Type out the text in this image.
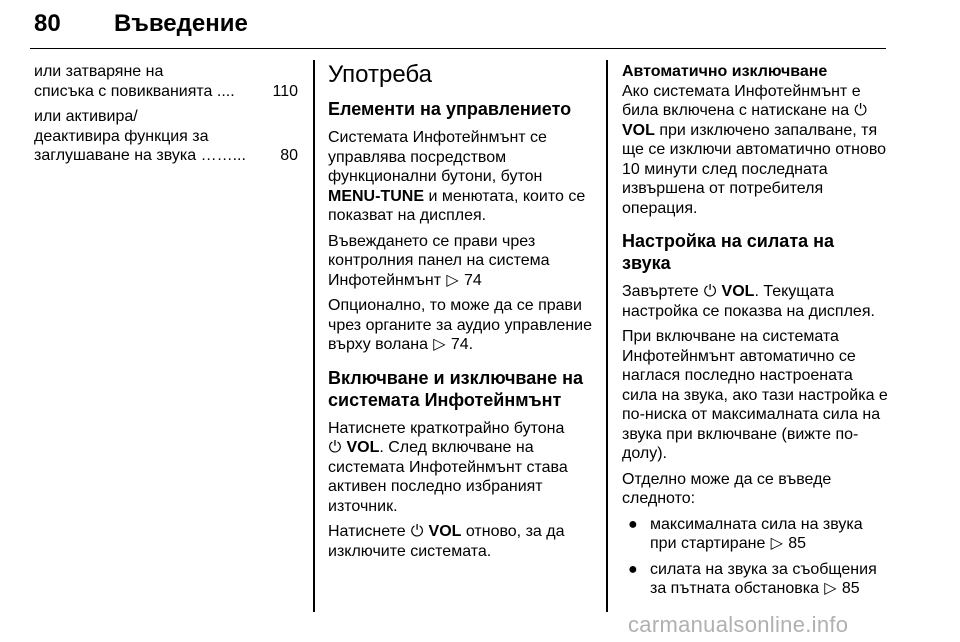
80 Въведение

или затваряне на
списъка с повикванията ....	110

или активира/
деактивира функция за
заглушаване на звука ……...	80

Употреба
Елементи на управлението

Системата Инфотейнмънт се
управлява посредством
функционални бутони, бутон
MENU-TUNE и менютата, които се
показват на дисплея.

Въвеждането се прави чрез
контролния панел на система
Инфотейнмънт ▷ 74

Опционално, то може да се прави
чрез органите за аудио управление
върху волана ▷ 74.

Включване и изключване на
системата Инфотейнмънт

Натиснете краткотрайно бутона
⏻ VOL. След включване на
системата Инфотейнмънт става
активен последно избраният
източник.

Натиснете ⏻ VOL отново, за да
изключите системата.

Автоматично изключване

Ако системата Инфотейнмънт е
била включена с натискане на ⏻
VOL при изключено запалване, тя
ще се изключи автоматично отново
10 минути след последната
извършена от потребителя
операция.

Настройка на силата на звука

Завъртете ⏻ VOL. Текущата
настройка се показва на дисплея.

При включване на системата
Инфотейнмънт автоматично се
наглася последно настроената
сила на звука, ако тази настройка е
по-ниска от максималната сила на
звука при включване (вижте по-
долу).

Отделно може да се въведе
следното:

● максималната сила на звука
при стартиране ▷ 85
● силата на звука за съобщения
за пътната обстановка ▷ 85
carmanualsonline.info
